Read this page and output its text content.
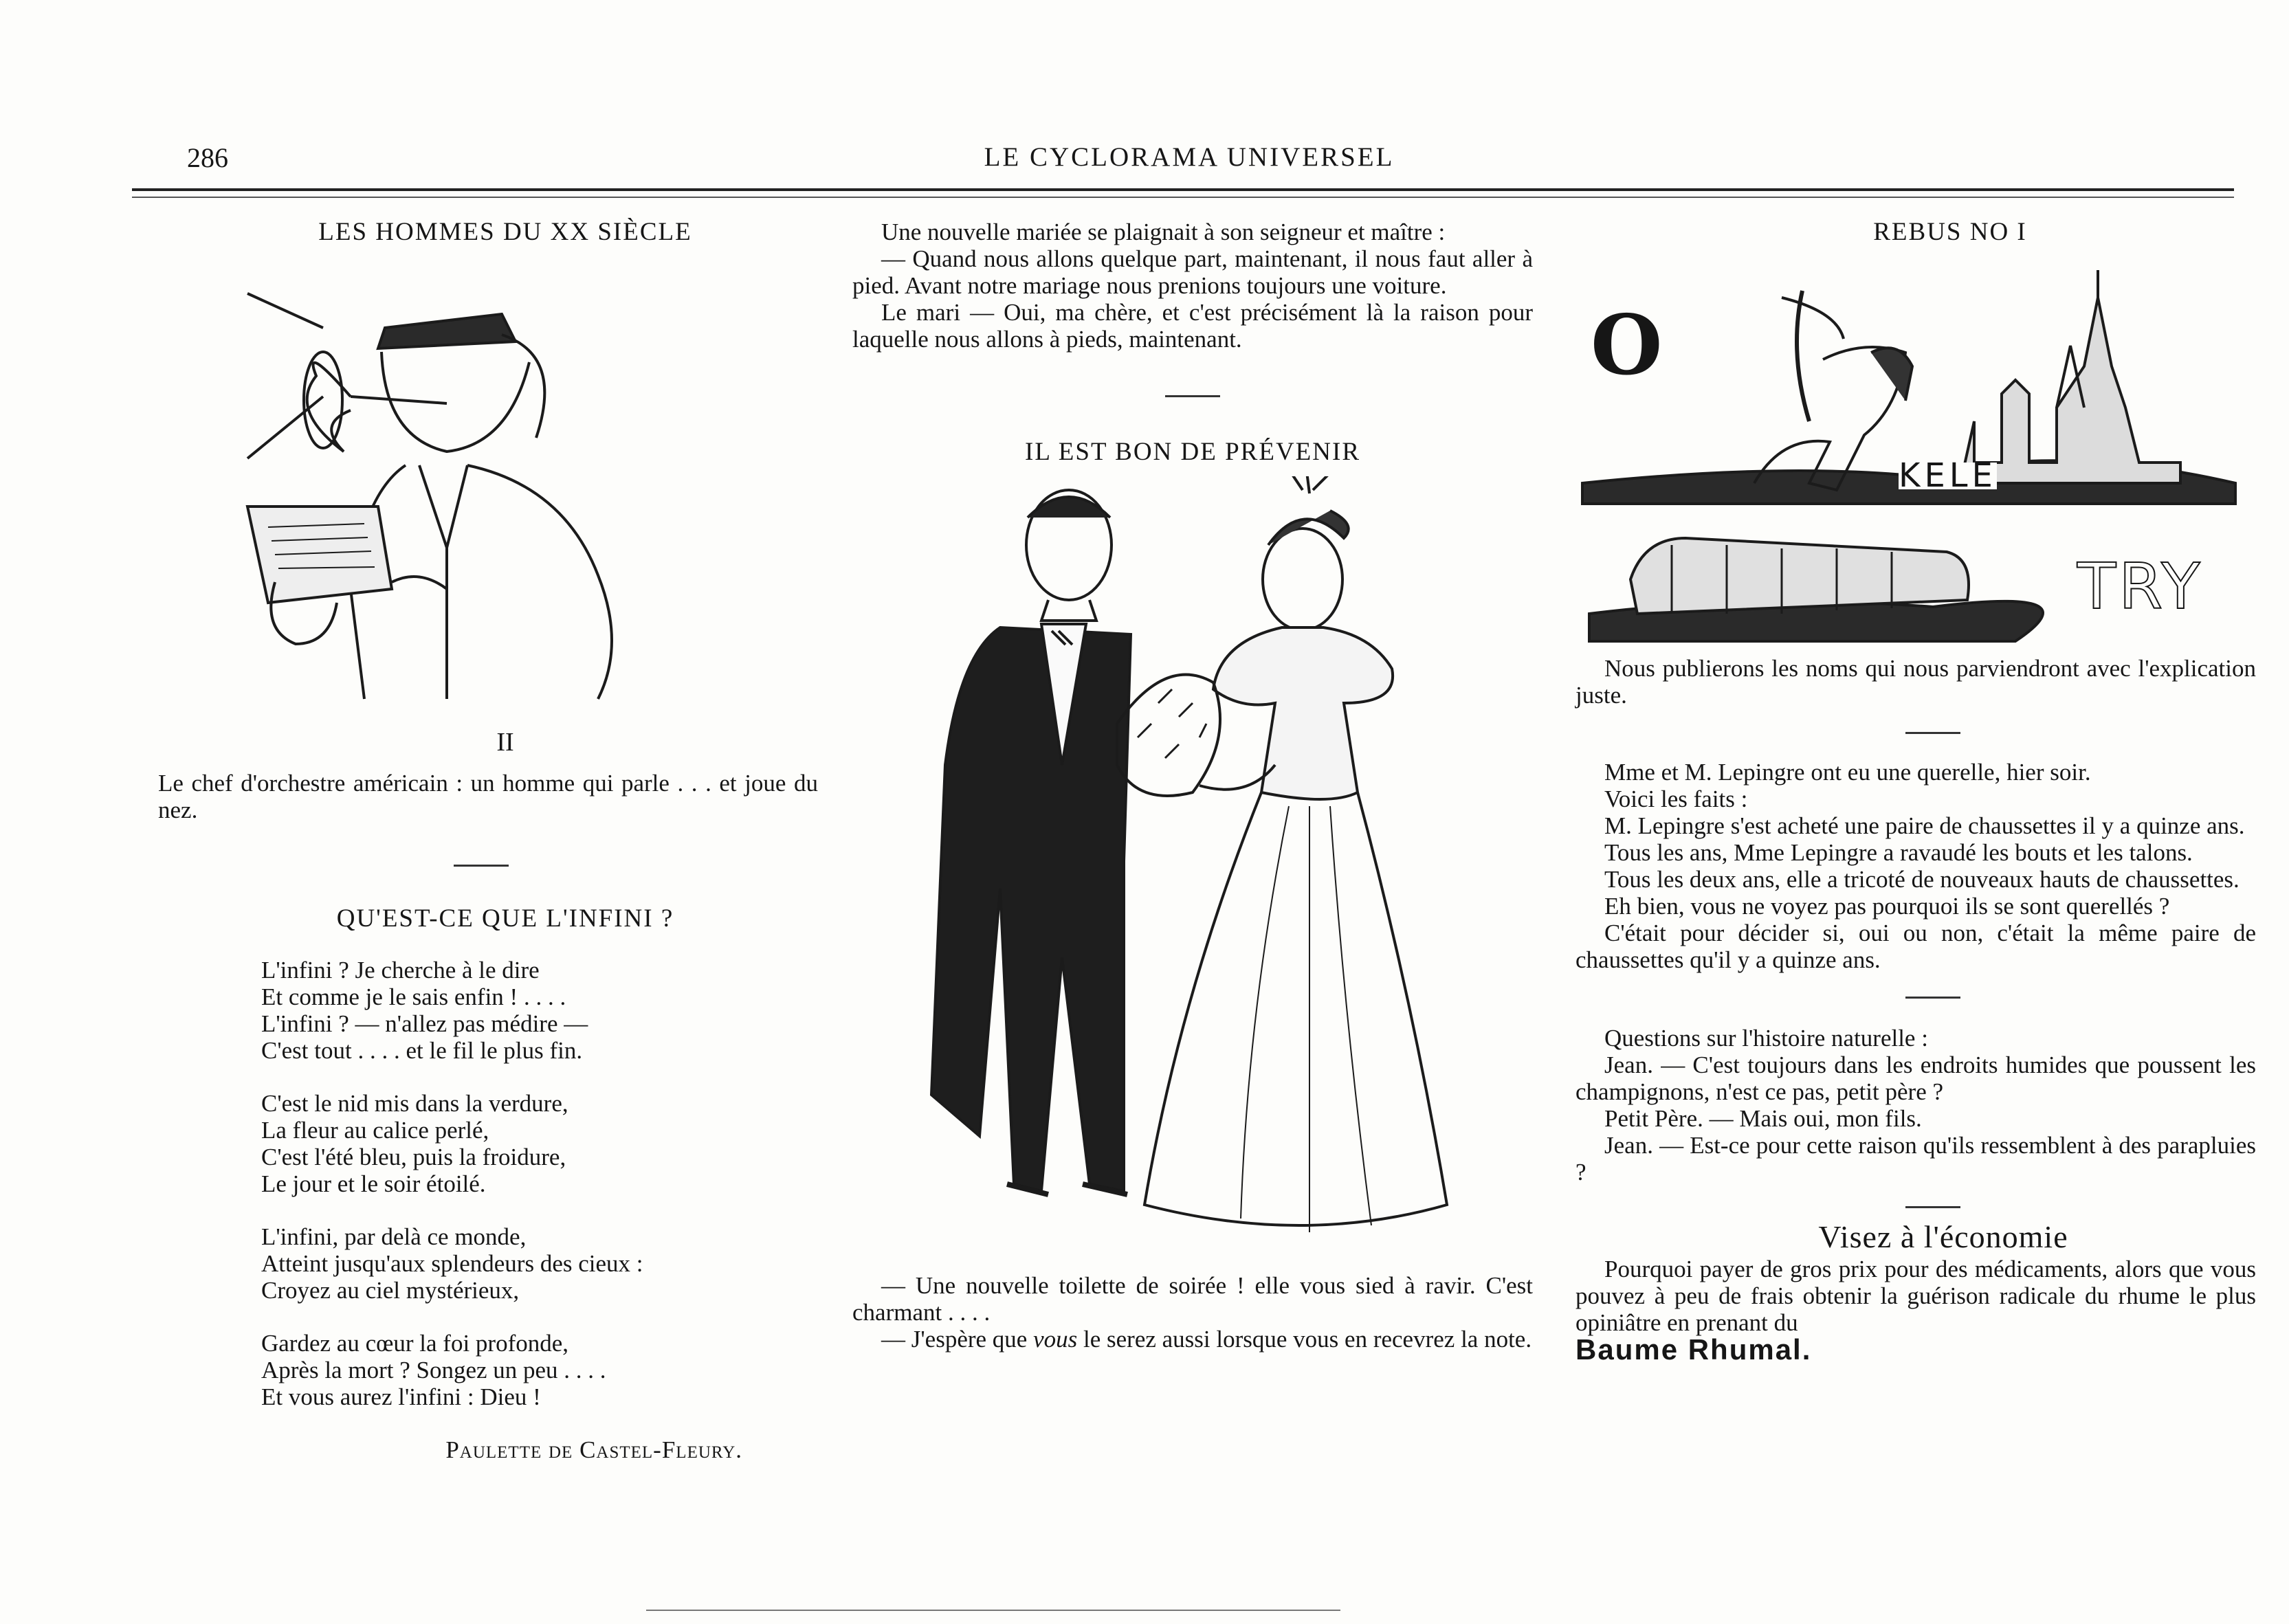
286	LE CYCLORAMA UNIVERSEL
LES HOMMES DU XX SIÈCLE
II
Le chef d'orchestre américain : un homme qui parle . . . et joue du nez.
QU'EST-CE QUE L'INFINI ?

L'infini ? Je cherche à le dire

Et comme je le sais enfin ! . . . .

L'infini ? — n'allez pas médire —

C'est tout . . . . et le fil le plus fin.

C'est le nid mis dans la verdure,

La fleur au calice perlé,

C'est l'été bleu, puis la froidure,

Le jour et le soir étoilé.

L'infini, par delà ce monde,

Atteint jusqu'aux splendeurs des cieux :

Croyez au ciel mystérieux,

Gardez au cœur la foi profonde,

Après la mort ? Songez un peu . . . .

Et vous aurez l'infini : Dieu !

Paulette de Castel-Fleury.
Une nouvelle mariée se plaignait à son seigneur et maître :
— Quand nous allons quelque part, maintenant, il nous faut aller à pied. Avant notre mariage nous prenions toujours une voiture.
Le mari — Oui, ma chère, et c'est précisément là la raison pour laquelle nous allons à pieds, maintenant.
IL EST BON DE PRÉVENIR
— Une nouvelle toilette de soirée ! elle vous sied à ravir. C'est charmant . . . .
— J'espère que vous le serez aussi lorsque vous en recevrez la note.
REBUS NO I
O
KELE
TRY
Nous publierons les noms qui nous parviendront avec l'explication juste.
Mme et M. Lepingre ont eu une querelle, hier soir.
Voici les faits :
M. Lepingre s'est acheté une paire de chaussettes il y a quinze ans.
Tous les ans, Mme Lepingre a ravaudé les bouts et les talons.
Tous les deux ans, elle a tricoté de nouveaux hauts de chaussettes.
Eh bien, vous ne voyez pas pourquoi ils se sont querellés ?
C'était pour décider si, oui ou non, c'était la même paire de chaussettes qu'il y a quinze ans.
Questions sur l'histoire naturelle :
Jean. — C'est toujours dans les endroits humides que poussent les champignons, n'est ce pas, petit père ?
Petit Père. — Mais oui, mon fils.
Jean. — Est-ce pour cette raison qu'ils ressemblent à des parapluies ?
Visez à l'économie
Pourquoi payer de gros prix pour des médicaments, alors que vous pouvez à peu de frais obtenir la guérison radicale du rhume le plus opiniâtre en prenant du
Baume Rhumal.
